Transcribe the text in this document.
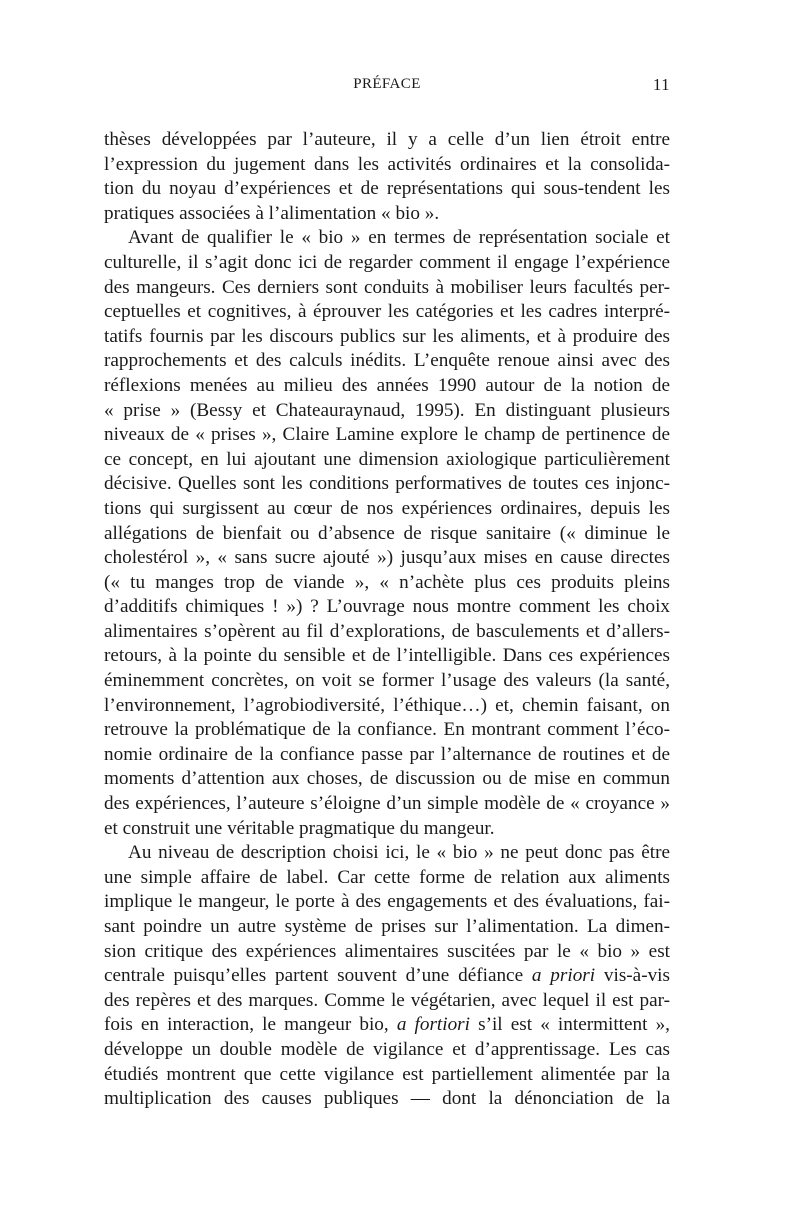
PRÉFACE	11
thèses développées par l’auteure, il y a celle d’un lien étroit entre
l’expression du jugement dans les activités ordinaires et la consolida-
tion du noyau d’expériences et de représentations qui sous-tendent les
pratiques associées à l’alimentation « bio ».
Avant de qualifier le « bio » en termes de représentation sociale et
culturelle, il s’agit donc ici de regarder comment il engage l’expérience
des mangeurs. Ces derniers sont conduits à mobiliser leurs facultés per-
ceptuelles et cognitives, à éprouver les catégories et les cadres interpré-
tatifs fournis par les discours publics sur les aliments, et à produire des
rapprochements et des calculs inédits. L’enquête renoue ainsi avec des
réflexions menées au milieu des années 1990 autour de la notion de
« prise » (Bessy et Chateauraynaud, 1995). En distinguant plusieurs
niveaux de « prises », Claire Lamine explore le champ de pertinence de
ce concept, en lui ajoutant une dimension axiologique particulièrement
décisive. Quelles sont les conditions performatives de toutes ces injonc-
tions qui surgissent au cœur de nos expériences ordinaires, depuis les
allégations de bienfait ou d’absence de risque sanitaire (« diminue le
cholestérol », « sans sucre ajouté ») jusqu’aux mises en cause directes
(« tu manges trop de viande », « n’achète plus ces produits pleins
d’additifs chimiques ! ») ? L’ouvrage nous montre comment les choix
alimentaires s’opèrent au fil d’explorations, de basculements et d’allers-
retours, à la pointe du sensible et de l’intelligible. Dans ces expériences
éminemment concrètes, on voit se former l’usage des valeurs (la santé,
l’environnement, l’agrobiodiversité, l’éthique…) et, chemin faisant, on
retrouve la problématique de la confiance. En montrant comment l’éco-
nomie ordinaire de la confiance passe par l’alternance de routines et de
moments d’attention aux choses, de discussion ou de mise en commun
des expériences, l’auteure s’éloigne d’un simple modèle de « croyance »
et construit une véritable pragmatique du mangeur.
Au niveau de description choisi ici, le « bio » ne peut donc pas être
une simple affaire de label. Car cette forme de relation aux aliments
implique le mangeur, le porte à des engagements et des évaluations, fai-
sant poindre un autre système de prises sur l’alimentation. La dimen-
sion critique des expériences alimentaires suscitées par le « bio » est
centrale puisqu’elles partent souvent d’une défiance a priori vis-à-vis
des repères et des marques. Comme le végétarien, avec lequel il est par-
fois en interaction, le mangeur bio, a fortiori s’il est « intermittent »,
développe un double modèle de vigilance et d’apprentissage. Les cas
étudiés montrent que cette vigilance est partiellement alimentée par la
multiplication des causes publiques — dont la dénonciation de la
